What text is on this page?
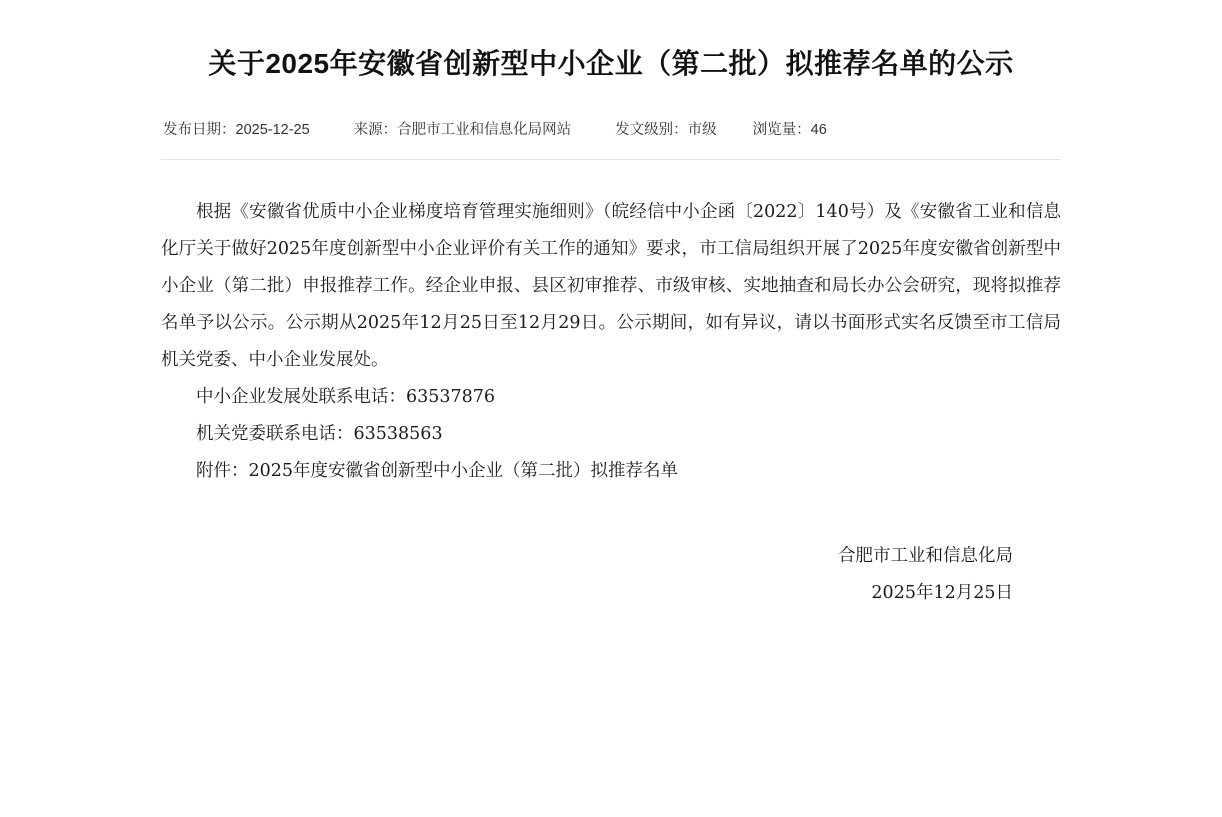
关于2025年安徽省创新型中小企业（第二批）拟推荐名单的公示
发布日期：2025-12-25	来源：合肥市工业和信息化局网站	发文级别：市级 浏览量：46

根据《安徽省优质中小企业梯度培育管理实施细则》（皖经信中小企函〔2022〕140号）及《安徽省工业和信息化厅关于做好2025年度创新型中小企业评价有关工作的通知》要求，市工信局组织开展了2025年度安徽省创新型中小企业（第二批）申报推荐工作。经企业申报、县区初审推荐、市级审核、实地抽查和局长办公会研究，现将拟推荐名单予以公示。公示期从2025年12月25日至12月29日。公示期间，如有异议，请以书面形式实名反馈至市工信局机关党委、中小企业发展处。

中小企业发展处联系电话：63537876

机关党委联系电话：63538563

附件：2025年度安徽省创新型中小企业（第二批）拟推荐名单

合肥市工业和信息化局
2025年12月25日
